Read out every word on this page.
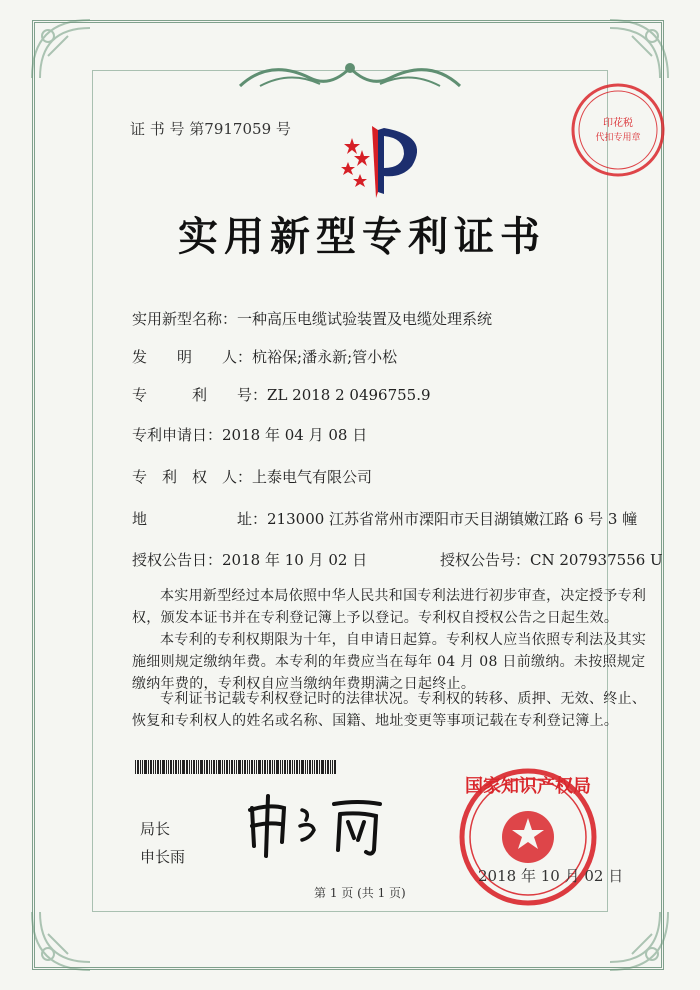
证 书 号 第7917059 号	印花税
代扣专用章
实用新型专利证书
实用新型名称：一种高压电缆试验装置及电缆处理系统
发　　明　　人：杭裕保;潘永新;管小松
专　　　利　　号：ZL 2018 2 0496755.9
专利申请日：2018 年 04 月 08 日
专　利　权　人：上泰电气有限公司
地　　　　　　址：213000 江苏省常州市溧阳市天目湖镇嫩江路 6 号 3 幢
授权公告日：2018 年 10 月 02 日	授权公告号：CN 207937556 U
本实用新型经过本局依照中华人民共和国专利法进行初步审查，决定授予专利权，颁发本证书并在专利登记簿上予以登记。专利权自授权公告之日起生效。
本专利的专利权期限为十年，自申请日起算。专利权人应当依照专利法及其实施细则规定缴纳年费。本专利的年费应当在每年 04 月 08 日前缴纳。未按照规定缴纳年费的，专利权自应当缴纳年费期满之日起终止。
专利证书记载专利权登记时的法律状况。专利权的转移、质押、无效、终止、恢复和专利权人的姓名或名称、国籍、地址变更等事项记载在专利登记簿上。
局长
申长雨
国家知识产权局
2018 年 10 月 02 日
第 1 页 (共 1 页)
